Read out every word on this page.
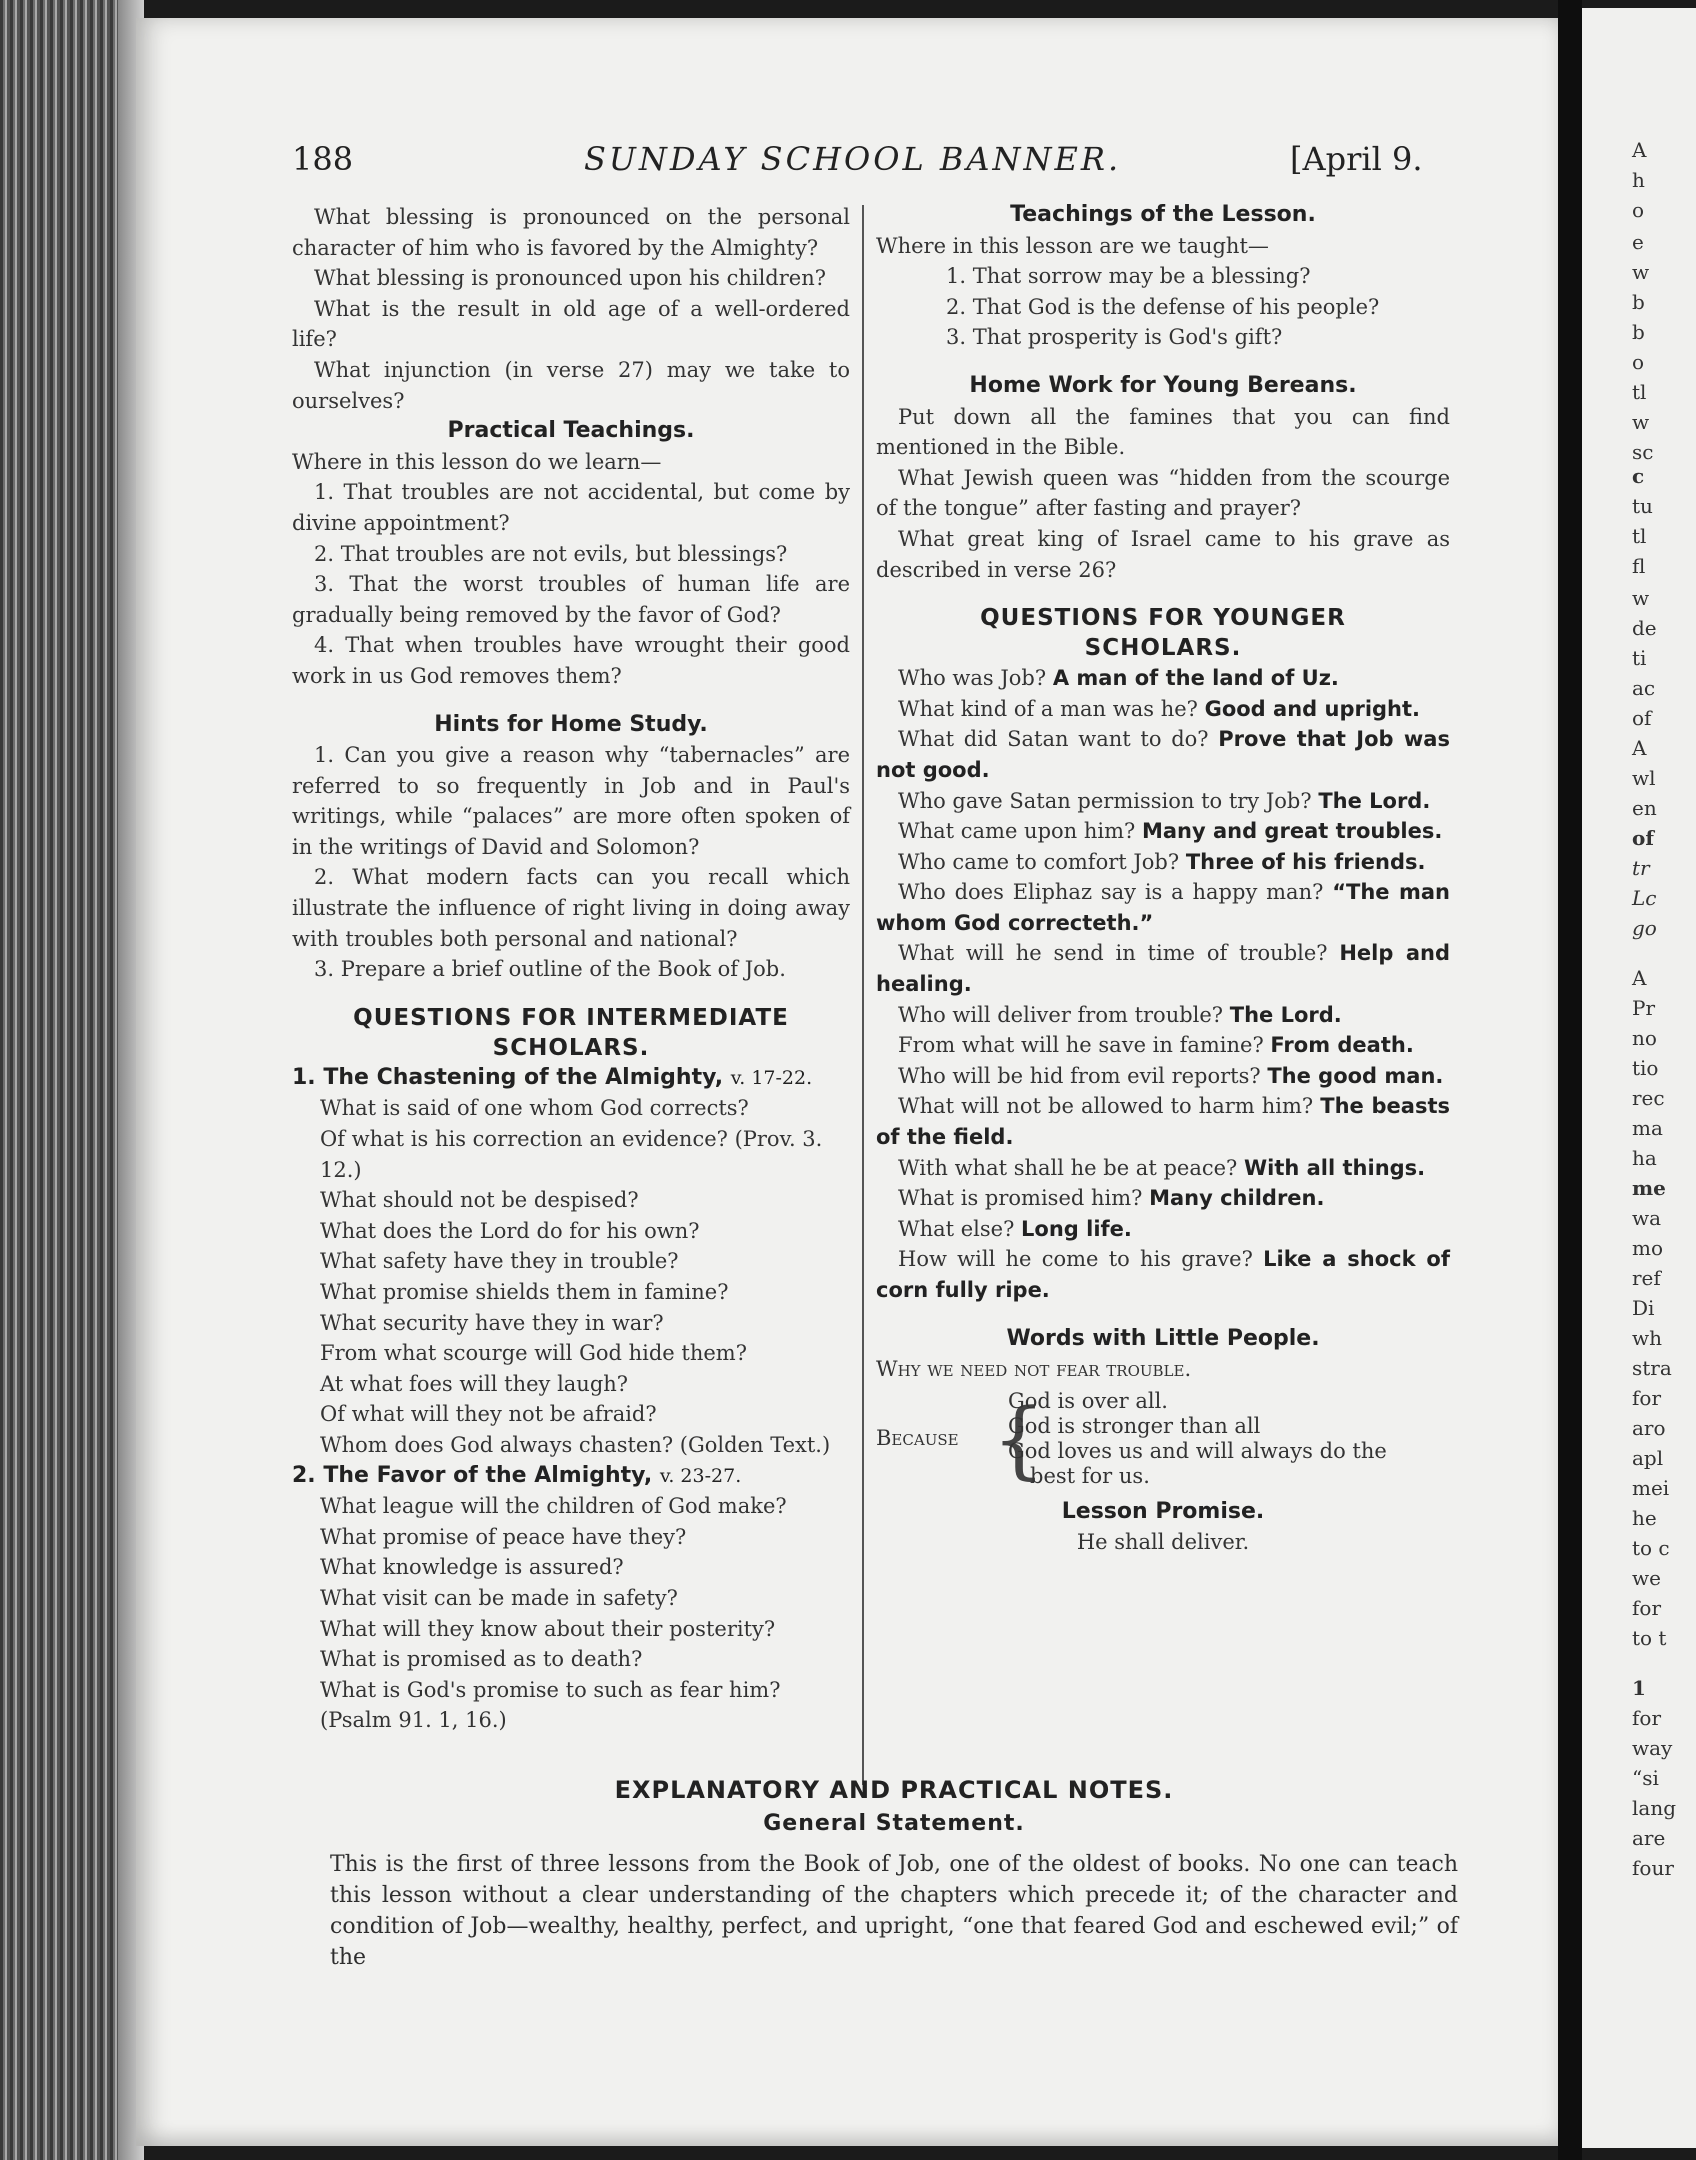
A
h
o
e
w
b
b
o
tl
w
sc
c
tu
tl
fl
w
de
ti
ac
of
A
wl
en
of
tr
Lc
go
A
Pr
no
tio
rec
ma
ha
me
wa
mo
ref
Di
wh
stra
for
aro
apl
mei
he
to c
we
for
to t
1
for
way
“si
lang
are
four
188	SUNDAY SCHOOL BANNER.	[April 9.

What blessing is pronounced on the personal character of him who is favored by the Almighty?

What blessing is pronounced upon his children?

What is the result in old age of a well-ordered life?

What injunction (in verse 27) may we take to ourselves?

Practical Teachings.

Where in this lesson do we learn—

1. That troubles are not accidental, but come by divine appointment?

2. That troubles are not evils, but blessings?

3. That the worst troubles of human life are gradually being removed by the favor of God?

4. That when troubles have wrought their good work in us God removes them?

Hints for Home Study.

1. Can you give a reason why “tabernacles” are referred to so frequently in Job and in Paul's writings, while “palaces” are more often spoken of in the writings of David and Solomon?

2. What modern facts can you recall which illustrate the influence of right living in doing away with troubles both personal and national?

3. Prepare a brief outline of the Book of Job.

QUESTIONS FOR INTERMEDIATE
SCHOLARS.

1. The Chastening of the Almighty, v. 17-22.

What is said of one whom God corrects?

Of what is his correction an evidence? (Prov. 3. 12.)

What should not be despised?

What does the Lord do for his own?

What safety have they in trouble?

What promise shields them in famine?

What security have they in war?

From what scourge will God hide them?

At what foes will they laugh?

Of what will they not be afraid?

Whom does God always chasten? (Golden Text.)

2. The Favor of the Almighty, v. 23-27.

What league will the children of God make?

What promise of peace have they?

What knowledge is assured?

What visit can be made in safety?

What will they know about their posterity?

What is promised as to death?

What is God's promise to such as fear him? (Psalm 91. 1, 16.)

Teachings of the Lesson.

Where in this lesson are we taught—

1. That sorrow may be a blessing?

2. That God is the defense of his people?

3. That prosperity is God's gift?

Home Work for Young Bereans.

Put down all the famines that you can find mentioned in the Bible.

What Jewish queen was “hidden from the scourge of the tongue” after fasting and prayer?

What great king of Israel came to his grave as described in verse 26?

QUESTIONS FOR YOUNGER
SCHOLARS.

Who was Job? A man of the land of Uz.

What kind of a man was he? Good and upright.

What did Satan want to do? Prove that Job was not good.

Who gave Satan permission to try Job? The Lord.

What came upon him? Many and great troubles.

Who came to comfort Job? Three of his friends.

Who does Eliphaz say is a happy man? “The man whom God correcteth.”

What will he send in time of trouble? Help and healing.

Who will deliver from trouble? The Lord.

From what will he save in famine? From death.

Who will be hid from evil reports? The good man.

What will not be allowed to harm him? The beasts of the field.

With what shall he be at peace? With all things.

What is promised him? Many children.

What else? Long life.

How will he come to his grave? Like a shock of corn fully ripe.

Words with Little People.

Why we need not fear trouble.

Because {
God is over all.
God is stronger than all
God loves us and will always do the
best for us.

Lesson Promise.

He shall deliver.

EXPLANATORY AND PRACTICAL NOTES.

General Statement.

This is the first of three lessons from the Book of Job, one of the oldest of books. No one can teach this lesson without a clear understanding of the chapters which precede it; of the character and condition of Job—wealthy, healthy, perfect, and upright, “one that feared God and eschewed evil;” of the
